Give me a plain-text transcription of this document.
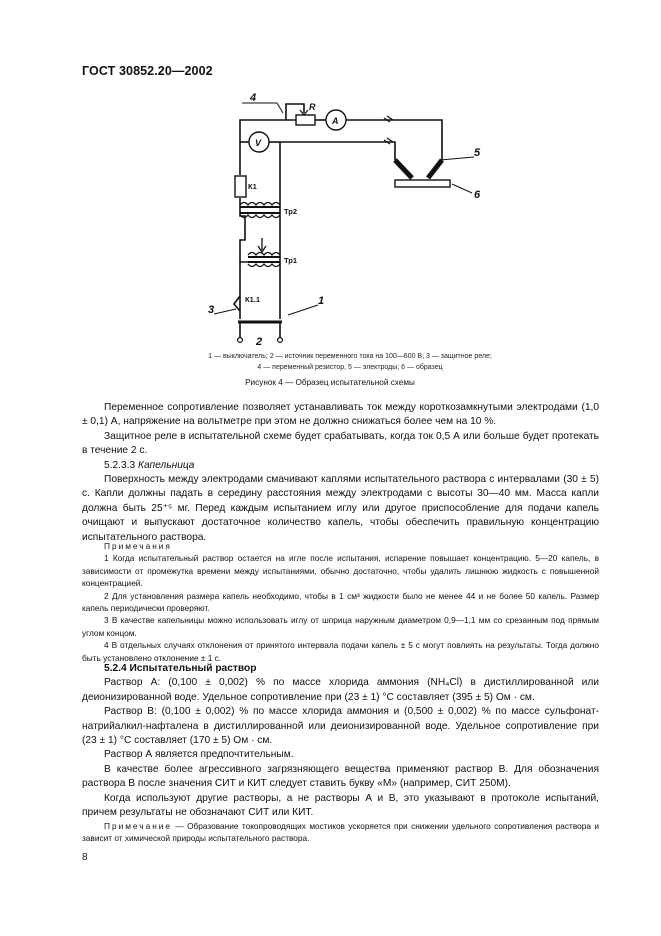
ГОСТ 30852.20—2002
4
R
A
V
К1
Тр2
Тр1
К1.1
3
2
1
5
6
1 — выключатель; 2 — источник переменного тока на 100—600 В; 3 — защитное реле;
4 — переменный резистор, 5 — электроды; 6 — образец
Рисунок 4 — Образец испытательной схемы

Переменное сопротивление позволяет устанавливать ток между короткозамкнутыми электродами (1,0 ± 0,1) А, напряжение на вольтметре при этом не должно снижаться более чем на 10 %.

Защитное реле в испытательной схеме будет срабатывать, когда ток 0,5 А или больше будет протекать в течение 2 с.

5.2.3.3 Капельница

Поверхность между электродами смачивают каплями испытательного раствора с интервалами (30 ± 5) с. Капли должны падать в середину расстояния между электродами с высоты 30—40 мм. Масса капли должна быть 25⁺⁵ мг. Перед каждым испытанием иглу или другое приспособление для подачи капель очищают и выпускают достаточное количество капель, чтобы обеспечить правильную концентрацию испытательного раствора.

Примечания

1 Когда испытательный раствор остается на игле после испытания, испарение повышает концентрацию. 5—20 капель, в зависимости от промежутка времени между испытаниями, обычно достаточно, чтобы удалить лишнюю жидкость с повышенной концентрацией.

2 Для установления размера капель необходимо, чтобы в 1 см³ жидкости было не менее 44 и не более 50 капель. Размер капель периодически проверяют.

3 В качестве капельницы можно использовать иглу от шприца наружным диаметром 0,9—1,1 мм со срезанным под прямым углом концом.

4 В отдельных случаях отклонения от принятого интервала подачи капель ± 5 с могут повлиять на результаты. Тогда должно быть установлено отклонение ± 1 с.

5.2.4 Испытательный раствор

Раствор А: (0,100 ± 0,002) % по массе хлорида аммония (NH₄Cl) в дистиллированной или деионизированной воде. Удельное сопротивление при (23 ± 1) °С составляет (395 ± 5) Ом · см.

Раствор В: (0,100 ± 0,002) % по массе хлорида аммония и (0,500 ± 0,002) % по массе сульфонат-натрийалкил-нафталена в дистиллированной или деионизированной воде. Удельное сопротивление при (23 ± 1) °С составляет (170 ± 5) Ом · см.

Раствор А является предпочтительным.

В качестве более агрессивного загрязняющего вещества применяют раствор В. Для обозначения раствора В после значения СИТ и КИТ следует ставить букву «М» (например, СИТ 250М).

Когда используют другие растворы, а не растворы А и В, это указывают в протоколе испытаний, причем результаты не обозначают СИТ или КИТ.

Примечание — Образование токопроводящих мостиков ускоряется при снижении удельного сопротивления раствора и зависит от химической природы испытательного раствора.

8
